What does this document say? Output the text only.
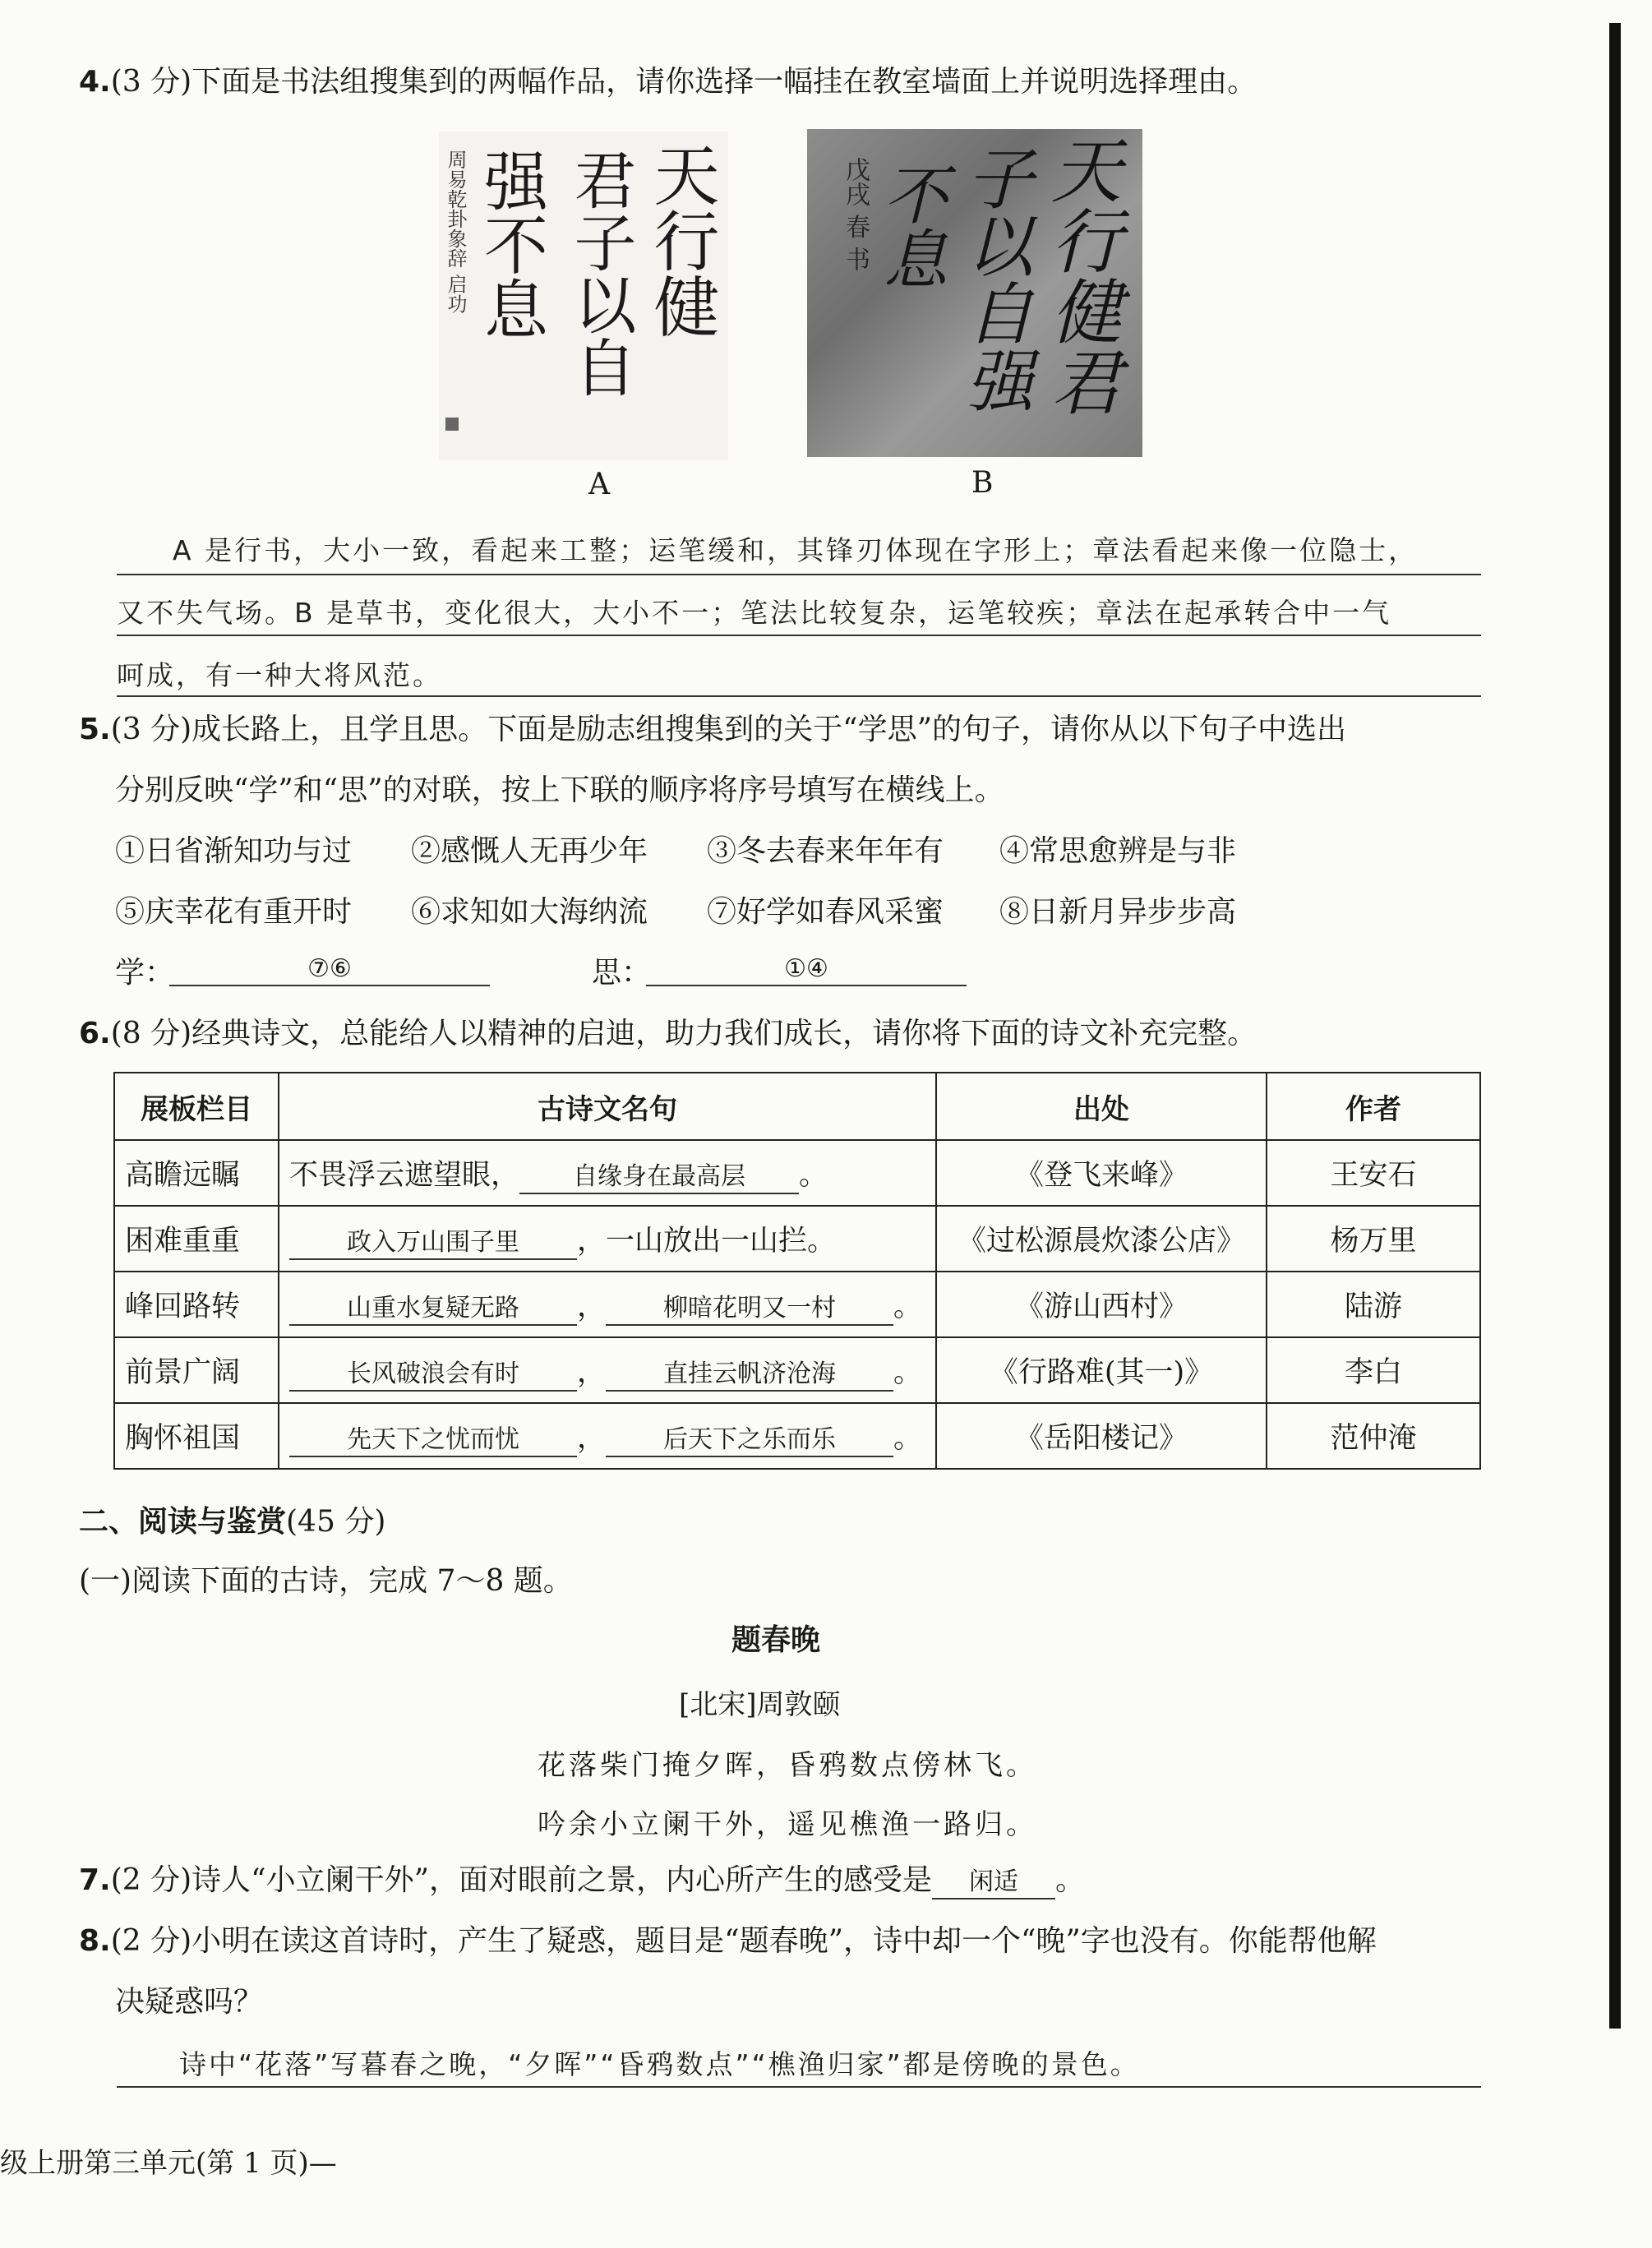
4.(3 分)下面是书法组搜集到的两幅作品，请你选择一幅挂在教室墙面上并说明选择理由。
天行健
君子以自
强不息
周易乾卦象辞 启功
A
天行健君
子以自强
不息
戊戌 春 书
B
A 是行书，大小一致，看起来工整；运笔缓和，其锋刃体现在字形上；章法看起来像一位隐士，
又不失气场。B 是草书，变化很大，大小不一；笔法比较复杂，运笔较疾；章法在起承转合中一气
呵成，有一种大将风范。
5.(3 分)成长路上，且学且思。下面是励志组搜集到的关于“学思”的句子，请你从以下句子中选出
分别反映“学”和“思”的对联，按上下联的顺序将序号填写在横线上。
①日省渐知功与过 ②感慨人无再少年 ③冬去春来年年有 ④常思愈辨是与非
⑤庆幸花有重开时 ⑥求知如大海纳流 ⑦好学如春风采蜜 ⑧日新月异步步高
学：	⑦⑥	思：	①④
6.(8 分)经典诗文，总能给人以精神的启迪，助力我们成长，请你将下面的诗文补充完整。
展板栏目	古诗文名句	出处	作者
高瞻远瞩	不畏浮云遮望眼， 自缘身在最高层 。	《登飞来峰》	王安石
困难重重	政入万山围子里 ，一山放出一山拦。	《过松源晨炊漆公店》	杨万里
峰回路转	山重水复疑无路 ， 柳暗花明又一村 。	《游山西村》	陆游
前景广阔	长风破浪会有时 ， 直挂云帆济沧海 。	《行路难(其一)》	李白
胸怀祖国	先天下之忧而忧 ， 后天下之乐而乐 。	《岳阳楼记》	范仲淹
二、阅读与鉴赏(45 分)
(一)阅读下面的古诗，完成 7～8 题。
题春晚
[北宋]周敦颐
花落柴门掩夕晖，昏鸦数点傍林飞。
吟余小立阑干外，遥见樵渔一路归。
7.(2 分)诗人“小立阑干外”，面对眼前之景，内心所产生的感受是 闲适 。
8.(2 分)小明在读这首诗时，产生了疑惑，题目是“题春晚”，诗中却一个“晚”字也没有。你能帮他解
决疑惑吗？
诗中“花落”写暮春之晚，“夕晖”“昏鸦数点”“樵渔归家”都是傍晚的景色。
级上册第三单元(第 1 页)—
